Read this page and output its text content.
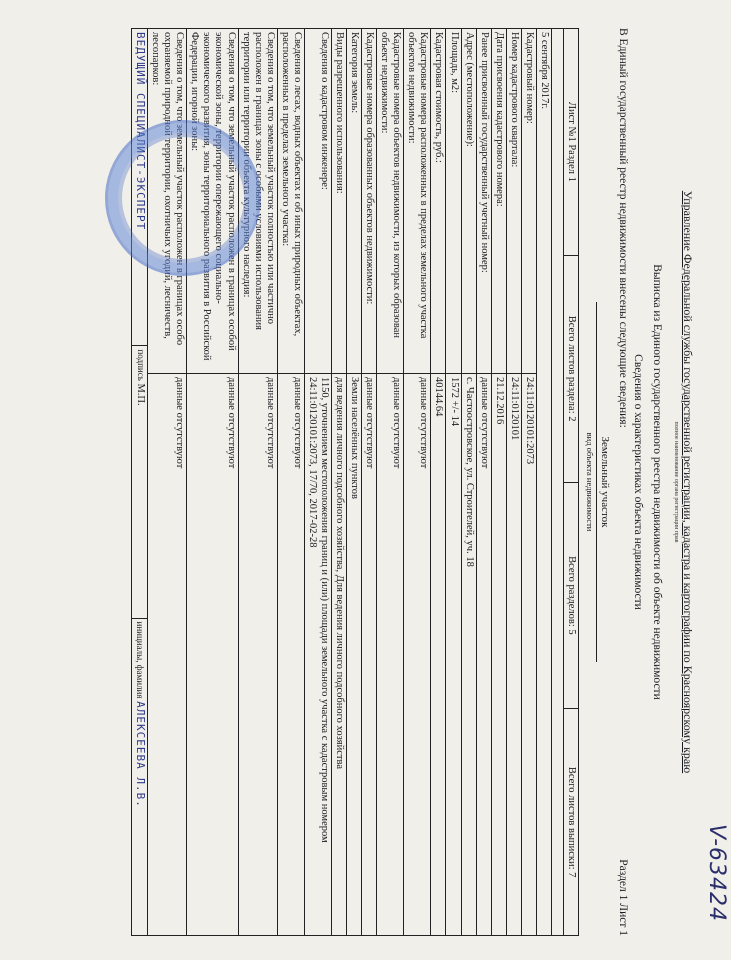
V-63424
Управление Федеральной службы государственной регистрации, кадастра и картографии по Красноярскому краю
полное наименование органа регистрации прав
Выписка из Единого государственного реестра недвижимости об объекте недвижимости
Сведения о характеристиках объекта недвижимости
В Единый государственный реестр недвижимости внесены следующие сведения:
Раздел 1 Лист 1
Земельный участок
вид объекта недвижимости
Лист №1 Раздел 1	Всего листов раздела: 2	Всего разделов: 5	Всего листов выписки: 7

5 сентября 2017г.
Кадастровый номер:	24:11:0120101:2073
Номер кадастрового квартала:	24:11:0120101
Дата присвоения кадастрового номера:	21.12.2016
Ранее присвоенный государственный учетный номер:	данные отсутствуют
Адрес (местоположение):	с. Частоостровское, ул. Строителей, уч. 18
Площадь, м2:	1572 +/- 14
Кадастровая стоимость, руб.:	40144.64
Кадастровые номера расположенных в пределах земельного участка объектов недвижимости:	данные отсутствуют
Кадастровые номера объектов недвижимости, из которых образован объект недвижимости:	данные отсутствуют
Кадастровые номера образованных объектов недвижимости:	данные отсутствуют
Категория земель:	Земли населённых пунктов
Виды разрешенного использования:	для ведения личного подсобного хозяйства, Для ведения личного подсобного хозяйства
Сведения о кадастровом инженере:	1150, уточнением местоположения границ и (или) площади земельного участка с кадастровым номером 24:11:0120101:2073, 17/70, 2017-02-28
Сведения о лесах, водных объектах и об иных природных объектах, расположенных в пределах земельного участка:	данные отсутствуют
Сведения о том, что земельный участок полностью или частично расположен в границах зоны с особыми условиями использования территории или территории объекта культурного наследия:	данные отсутствуют
Сведения о том, что земельный участок расположен в границах особой экономической зоны, территории опережающего социально-экономического развития, зоны территориального развития в Российской Федерации, игорной зоны:	данные отсутствуют
Сведения о том, что земельный участок расположен в границах особо охраняемой природной территории, охотничьих угодий, лесничеств, лесопарков:	данные отсутствуют
ВЕДУЩИЙ СПЕЦИАЛИСТ-ЭКСПЕРТ	подпись М.П.	инициалы, фамилия АЛЕКСЕЕВА Л.В.
